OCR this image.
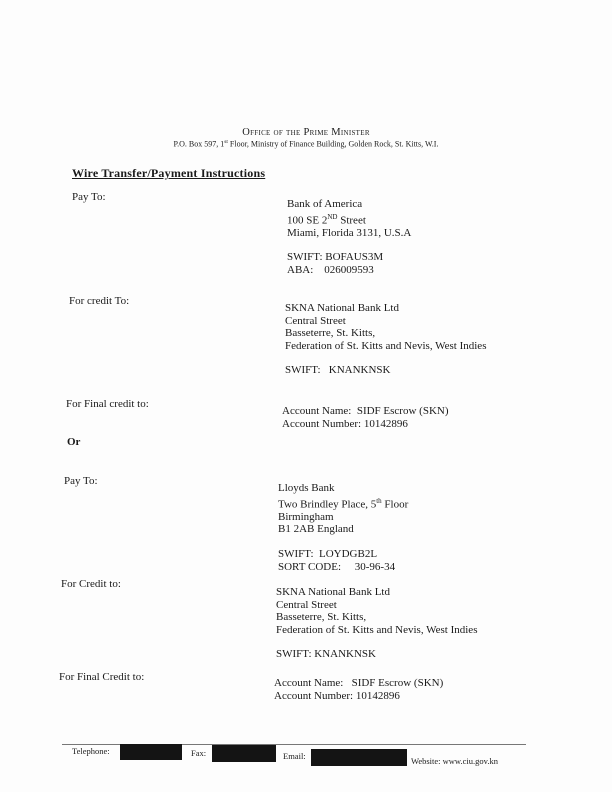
Office of the Prime Minister
P.O. Box 597, 1st Floor, Ministry of Finance Building, Golden Rock, St. Kitts, W.I.
Wire Transfer/Payment Instructions
Pay To:
Bank of America
100 SE 2ND Street
Miami, Florida 3131, U.S.A
SWIFT: BOFAUS3M
ABA:    026009593
For credit To:
SKNA National Bank Ltd
Central Street
Basseterre, St. Kitts,
Federation of St. Kitts and Nevis, West Indies
SWIFT:   KNANKNSK
For Final credit to:
Account Name:  SIDF Escrow (SKN)
Account Number: 10142896
Or
Pay To:
Lloyds Bank
Two Brindley Place, 5th Floor
Birmingham
B1 2AB England
SWIFT:  LOYDGB2L
SORT CODE:     30-96-34
For Credit to:
SKNA National Bank Ltd
Central Street
Basseterre, St. Kitts,
Federation of St. Kitts and Nevis, West Indies
SWIFT: KNANKNSK
For Final Credit to:	Account Name:   SIDF Escrow (SKN)
Account Number: 10142896
Telephone:	Fax:	Email:	Website: www.ciu.gov.kn
